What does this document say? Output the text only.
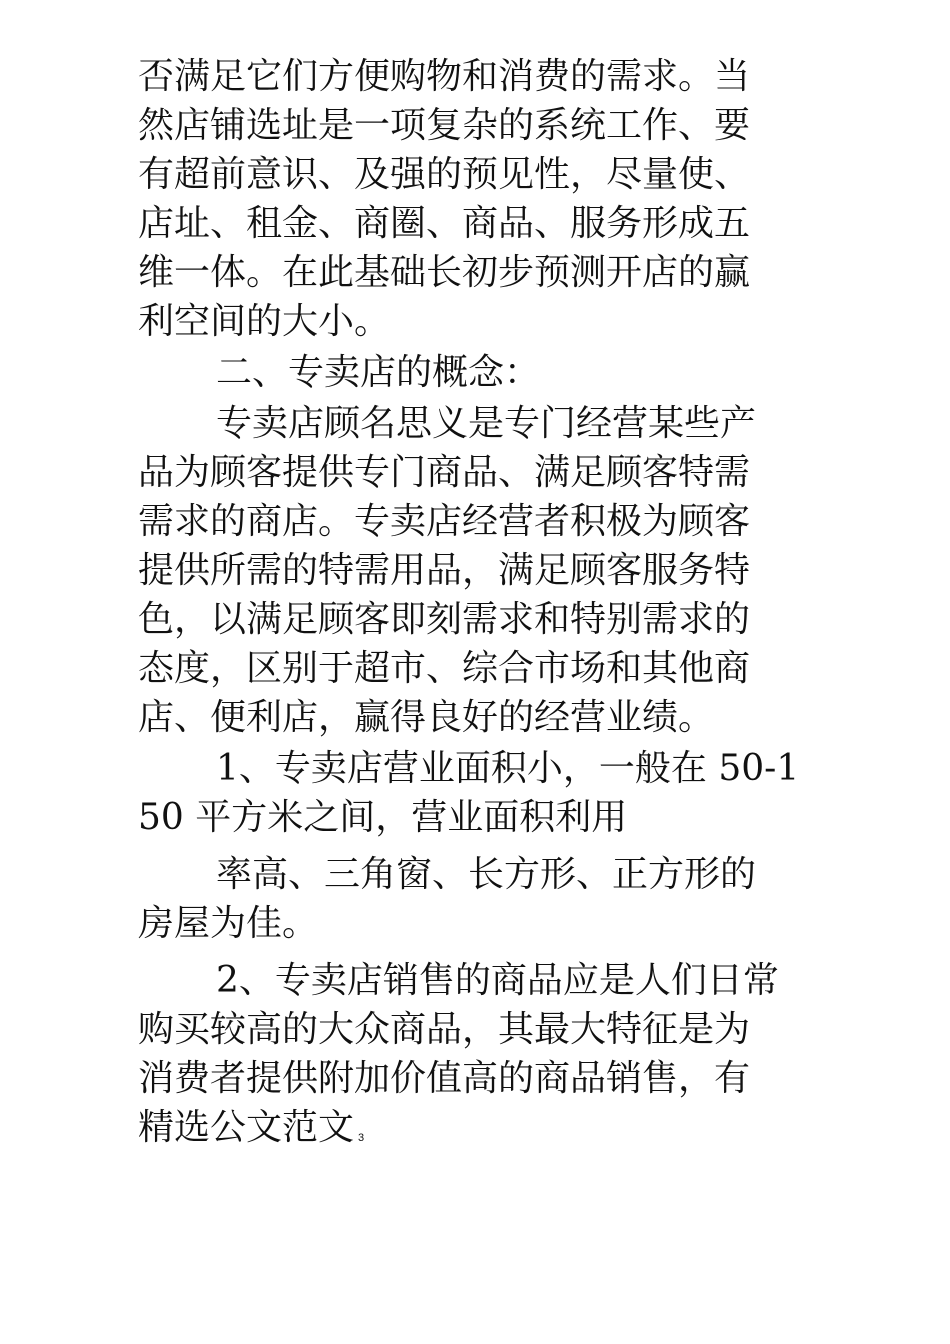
否满足它们方便购物和消费的需求。当

然店铺选址是一项复杂的系统工作、要

有超前意识、及强的预见性，尽量使、

店址、租金、商圈、商品、服务形成五

维一体。在此基础长初步预测开店的赢

利空间的大小。

二、专卖店的概念：

专卖店顾名思义是专门经营某些产

品为顾客提供专门商品、满足顾客特需

需求的商店。专卖店经营者积极为顾客

提供所需的特需用品，满足顾客服务特

色，以满足顾客即刻需求和特别需求的

态度，区别于超市、综合市场和其他商

店、便利店，赢得良好的经营业绩。

1、专卖店营业面积小，一般在 50-1

50 平方米之间，营业面积利用

率高、三角窗、长方形、正方形的

房屋为佳。

2、专卖店销售的商品应是人们日常

购买较高的大众商品，其最大特征是为

消费者提供附加价值高的商品销售，有

精选公文范文 3
